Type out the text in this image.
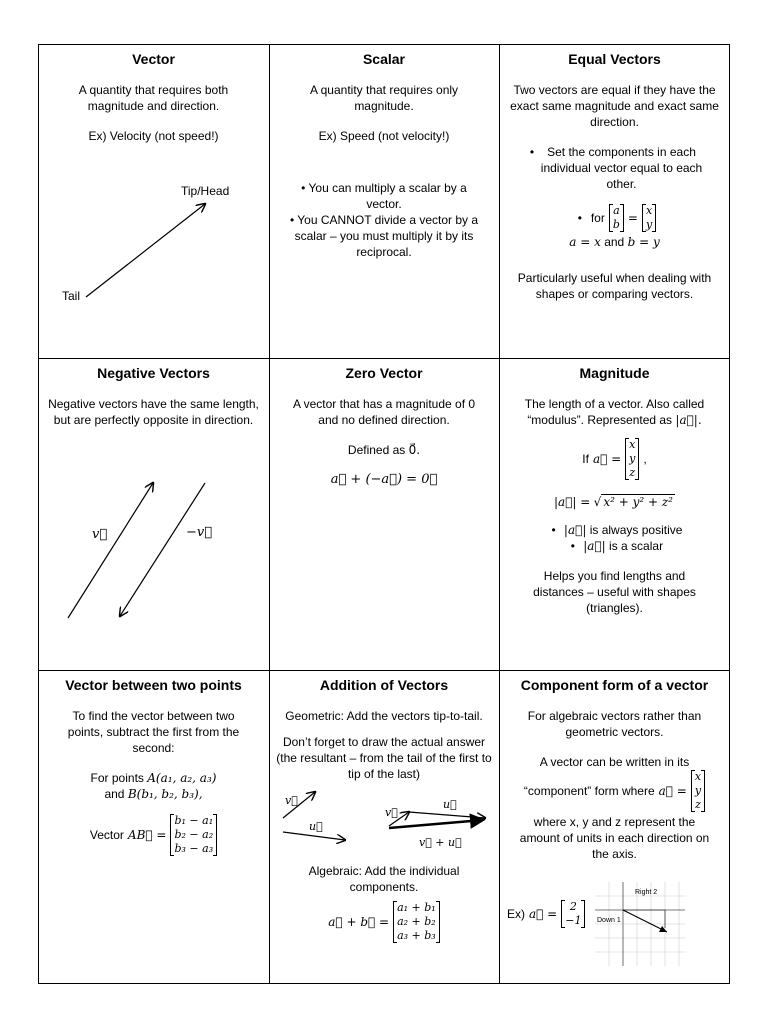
Vector
A quantity that requires both magnitude and direction.
Ex) Velocity (not speed!)
Tip/Head
Tail
Scalar
A quantity that requires only magnitude.
Ex) Speed (not velocity!)
• You can multiply a scalar by a vector.
• You CANNOT divide a vector by a scalar – you must multiply it by its reciprocal.
Equal Vectors
Two vectors are equal if they have the exact same magnitude and exact same direction.
•	Set the components in each individual vector equal to each other.
• for
a
b =
x
y
a = x and b = y
Particularly useful when dealing with shapes or comparing vectors.
Negative Vectors
Negative vectors have the same length, but are perfectly opposite in direction.
v⃗	−v⃗
Zero Vector
A vector that has a magnitude of 0 and no defined direction.
Defined as 0⃗.
a⃗ + (−a⃗) = 0⃗
Magnitude
The length of a vector. Also called “modulus”. Represented as |a⃗|.
If a⃗ =
x
y
z
,
|a⃗| = √ x² + y² + z²
• |a⃗| is always positive
• |a⃗| is a scalar
Helps you find lengths and distances – useful with shapes (triangles).
Vector between two points
To find the vector between two points, subtract the first from the second:
For points A(a₁, a₂, a₃)
and B(b₁, b₂, b₃),
Vector AB⃗ =
b₁ − a₁
b₂ − a₂
b₃ − a₃
Addition of Vectors
Geometric: Add the vectors tip-to-tail.
Don’t forget to draw the actual answer (the resultant – from the tail of the first to tip of the last)
v⃗
u⃗
v⃗
u⃗
v⃗ + u⃗
Algebraic: Add the individual components.
a⃗ + b⃗ =
a₁ + b₁
a₂ + b₂
a₃ + b₃
Component form of a vector
For algebraic vectors rather than geometric vectors.
A vector can be written in its
“component” form where a⃗ =
x
y
z
where x, y and z represent the amount of units in each direction on the axis.
Ex) a⃗ =
2
−1
Right 2
Down 1
